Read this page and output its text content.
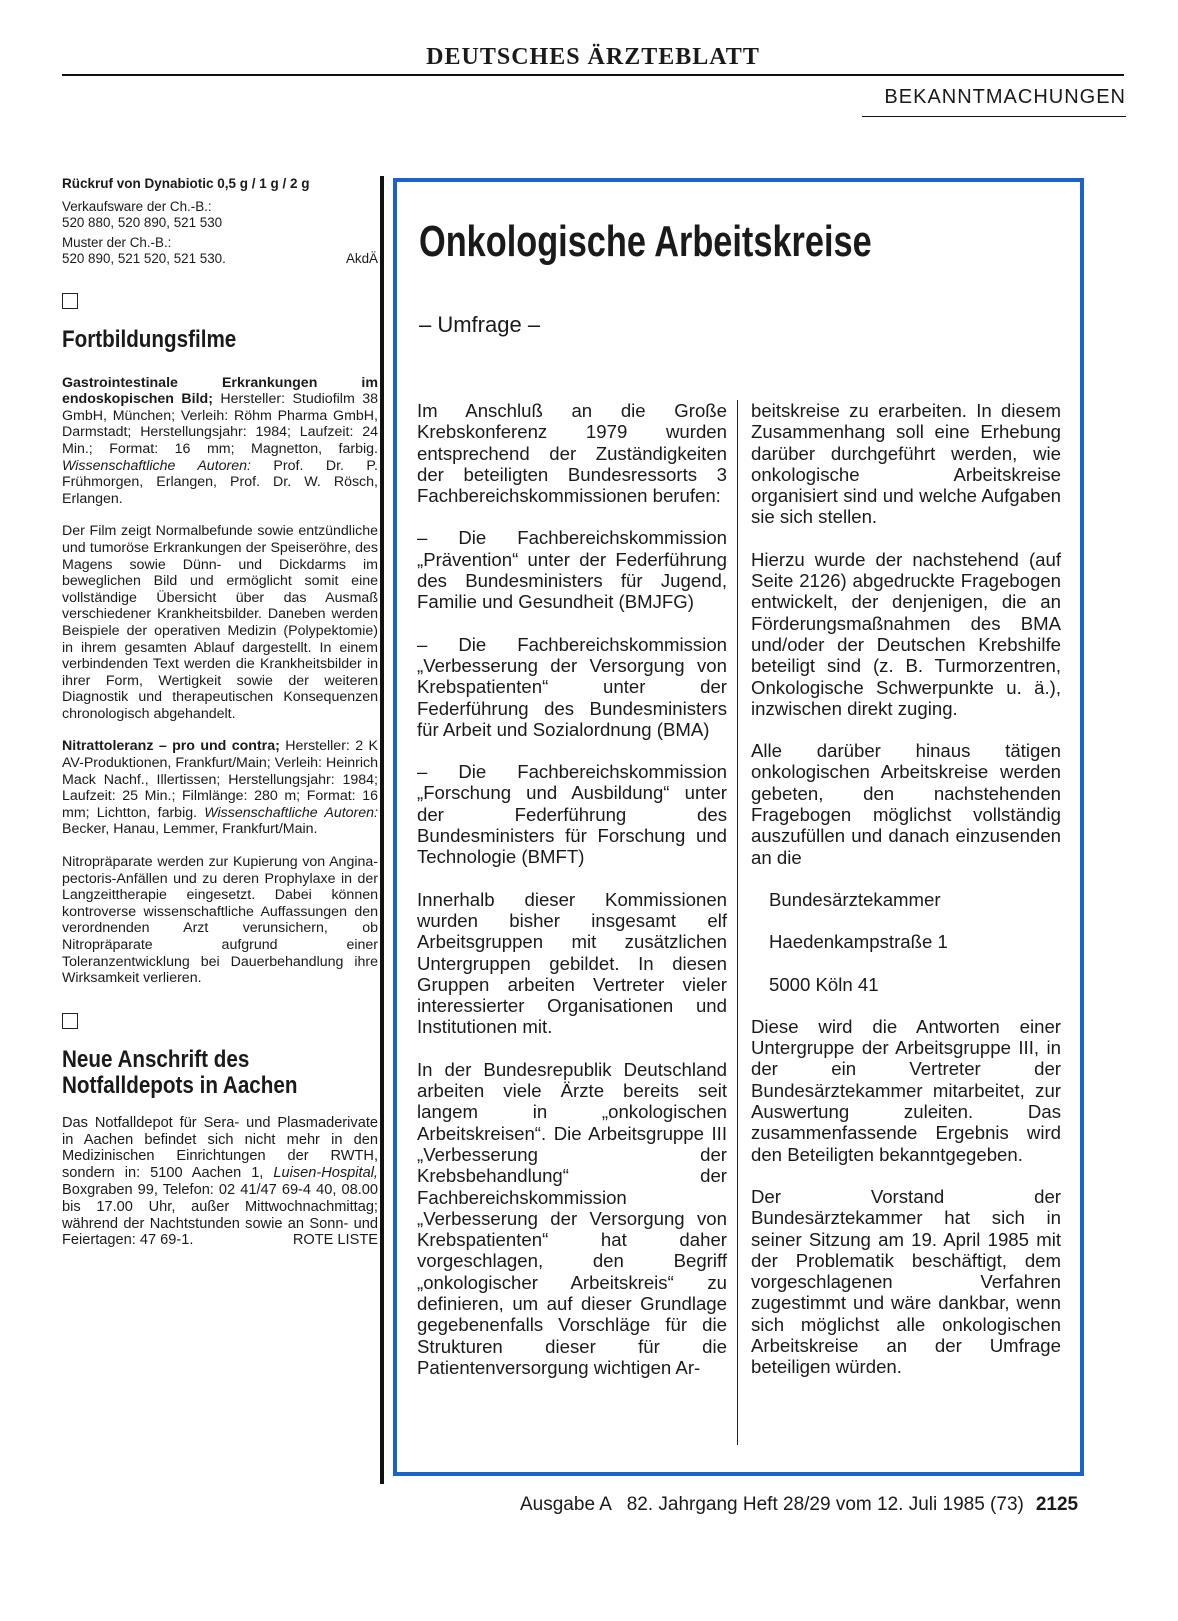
DEUTSCHES ÄRZTEBLATT
BEKANNTMACHUNGEN

Rückruf von Dynabiotic 0,5 g / 1 g / 2 g

Verkaufsware der Ch.-B.:

520 880, 520 890, 521 530

Muster der Ch.-B.:

520 890, 521 520, 521 530.	AkdÄ

Fortbildungsfilme

Gastrointestinale Erkrankungen im endoskopischen Bild; Hersteller: Studiofilm 38 GmbH, München; Verleih: Röhm Pharma GmbH, Darmstadt; Herstellungsjahr: 1984; Laufzeit: 24 Min.; Format: 16 mm; Magnetton, farbig. Wissenschaftliche Autoren: Prof. Dr. P. Frühmorgen, Erlangen, Prof. Dr. W. Rösch, Erlangen.

Der Film zeigt Normalbefunde sowie entzündliche und tumoröse Erkrankungen der Speiseröhre, des Magens sowie Dünn- und Dickdarms im beweglichen Bild und ermöglicht somit eine vollständige Übersicht über das Ausmaß verschiedener Krankheitsbilder. Daneben werden Beispiele der operativen Medizin (Polypektomie) in ihrem gesamten Ablauf dargestellt. In einem verbindenden Text werden die Krankheitsbilder in ihrer Form, Wertigkeit sowie der weiteren Diagnostik und therapeutischen Konsequenzen chronologisch abgehandelt.

Nitrattoleranz – pro und contra; Hersteller: 2 K AV-Produktionen, Frankfurt/Main; Verleih: Heinrich Mack Nachf., Illertissen; Herstellungsjahr: 1984; Laufzeit: 25 Min.; Filmlänge: 280 m; Format: 16 mm; Lichtton, farbig. Wissenschaftliche Autoren: Becker, Hanau, Lemmer, Frankfurt/Main.

Nitropräparate werden zur Kupierung von Angina-pectoris-Anfällen und zu deren Prophylaxe in der Langzeittherapie eingesetzt. Dabei können kontroverse wissenschaftliche Auffassungen den verordnenden Arzt verunsichern, ob Nitropräparate aufgrund einer Toleranzentwicklung bei Dauerbehandlung ihre Wirksamkeit verlieren.

Neue Anschrift des
Notfalldepots in Aachen

Das Notfalldepot für Sera- und Plasmaderivate in Aachen befindet sich nicht mehr in den Medizinischen Einrichtungen der RWTH, sondern in: 5100 Aachen 1, Luisen-Hospital, Boxgraben 99, Telefon: 02 41/47 69-4 40, 08.00 bis 17.00 Uhr, außer Mittwochnachmittag; während der Nachtstunden sowie an Sonn- und Feiertagen: 47 69-1.	ROTE LISTE

Onkologische Arbeitskreise
– Umfrage –

Im Anschluß an die Große Krebskonferenz 1979 wurden entsprechend der Zuständigkeiten der beteiligten Bundesressorts 3 Fachbereichskommissionen berufen:

– Die Fachbereichskommission „Prävention“ unter der Federführung des Bundesministers für Jugend, Familie und Gesundheit (BMJFG)

– Die Fachbereichskommission „Verbesserung der Versorgung von Krebspatienten“ unter der Federführung des Bundesministers für Arbeit und Sozialordnung (BMA)

– Die Fachbereichskommission „Forschung und Ausbildung“ unter der Federführung des Bundesministers für Forschung und Technologie (BMFT)

Innerhalb dieser Kommissionen wurden bisher insgesamt elf Arbeitsgruppen mit zusätzlichen Untergruppen gebildet. In diesen Gruppen arbeiten Vertreter vieler interessierter Organisationen und Institutionen mit.

In der Bundesrepublik Deutschland arbeiten viele Ärzte bereits seit langem in „onkologischen Arbeitskreisen“. Die Arbeitsgruppe III „Verbesserung der Krebsbehandlung“ der Fachbereichskommission „Verbesserung der Versorgung von Krebspatienten“ hat daher vorgeschlagen, den Begriff „onkologischer Arbeitskreis“ zu definieren, um auf dieser Grundlage gegebenenfalls Vorschläge für die Strukturen dieser für die Patientenversorgung wichtigen Ar-

beitskreise zu erarbeiten. In diesem Zusammenhang soll eine Erhebung darüber durchgeführt werden, wie onkologische Arbeitskreise organisiert sind und welche Aufgaben sie sich stellen.

Hierzu wurde der nachstehend (auf Seite 2126) abgedruckte Fragebogen entwickelt, der denjenigen, die an Förderungsmaßnahmen des BMA und/oder der Deutschen Krebshilfe beteiligt sind (z. B. Turmorzentren, Onkologische Schwerpunkte u. ä.), inzwischen direkt zuging.

Alle darüber hinaus tätigen onkologischen Arbeitskreise werden gebeten, den nachstehenden Fragebogen möglichst vollständig auszufüllen und danach einzusenden an die

Bundesärztekammer

Haedenkampstraße 1

5000 Köln 41

Diese wird die Antworten einer Untergruppe der Arbeitsgruppe III, in der ein Vertreter der Bundesärztekammer mitarbeitet, zur Auswertung zuleiten. Das zusammenfassende Ergebnis wird den Beteiligten bekanntgegeben.

Der Vorstand der Bundesärztekammer hat sich in seiner Sitzung am 19. April 1985 mit der Problematik beschäftigt, dem vorgeschlagenen Verfahren zugestimmt und wäre dankbar, wenn sich möglichst alle onkologischen Arbeitskreise an der Umfrage beteiligen würden.

Ausgabe A   82. Jahrgang Heft 28/29 vom 12. Juli 1985 (73) 2125
